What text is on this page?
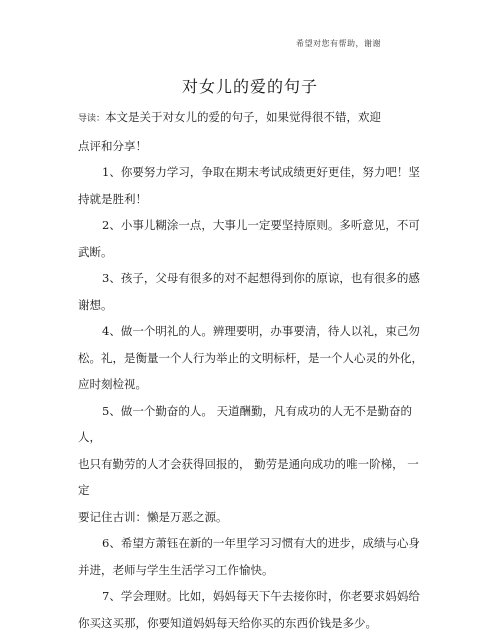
希望对您有帮助，谢谢
对女儿的爱的句子

导读：本文是关于对女儿的爱的句子，如果觉得很不错，欢迎
点评和分享！

1、你要努力学习，争取在期末考试成绩更好更佳，努力吧！坚
持就是胜利！

2、小事儿糊涂一点，大事儿一定要坚持原则。多听意见，不可
武断。

3、孩子，父母有很多的对不起想得到你的原谅，也有很多的感
谢想。

4、做一个明礼的人。辨理要明，办事要清，待人以礼，束己勿
松。礼，是衡量一个人行为举止的文明标杆，是一个人心灵的外化，
应时刻检视。

5、做一个勤奋的人。 天道酬勤，凡有成功的人无不是勤奋的人，
也只有勤劳的人才会获得回报的， 勤劳是通向成功的唯一阶梯， 一定
要记住古训：懒是万恶之源。

6、希望方萧钰在新的一年里学习习惯有大的进步，成绩与心身
并进，老师与学生生活学习工作愉快。

7、学会理财。比如，妈妈每天下午去接你时，你老要求妈妈给
你买这买那，你要知道妈妈每天给你买的东西价钱是多少。
